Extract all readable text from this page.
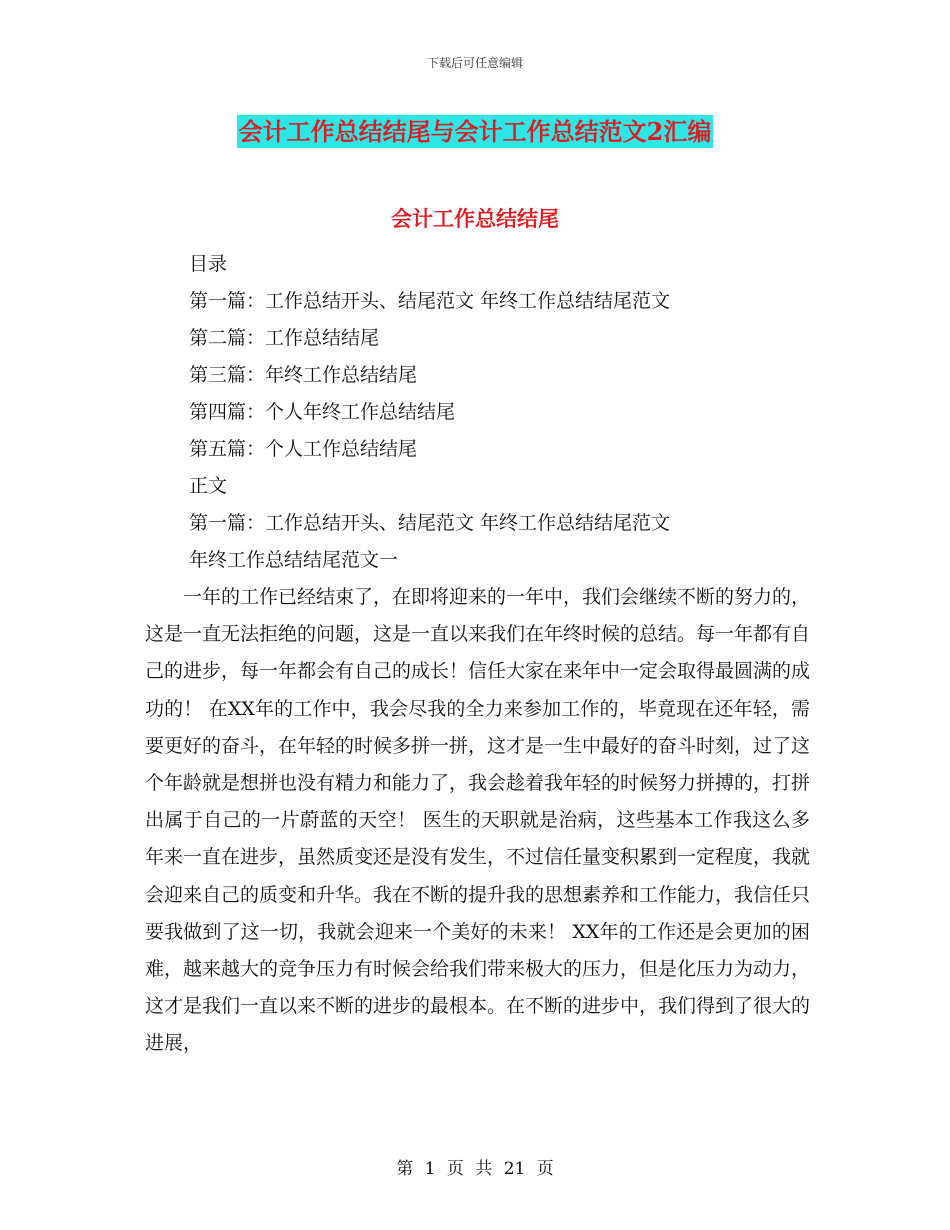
下载后可任意编辑
会计工作总结结尾与会计工作总结范文2汇编
会计工作总结结尾
目录
第一篇：工作总结开头、结尾范文 年终工作总结结尾范文
第二篇：工作总结结尾
第三篇：年终工作总结结尾
第四篇：个人年终工作总结结尾
第五篇：个人工作总结结尾
正文
第一篇：工作总结开头、结尾范文 年终工作总结结尾范文
年终工作总结结尾范文一

一年的工作已经结束了，在即将迎来的一年中，我们会继续不断的努力的，这是一直无法拒绝的问题，这是一直以来我们在年终时候的总结。每一年都有自己的进步，每一年都会有自己的成长！信任大家在来年中一定会取得最圆满的成功的！ 在XX年的工作中，我会尽我的全力来参加工作的，毕竟现在还年轻，需要更好的奋斗，在年轻的时候多拼一拼，这才是一生中最好的奋斗时刻，过了这个年龄就是想拼也没有精力和能力了，我会趁着我年轻的时候努力拼搏的，打拼出属于自己的一片蔚蓝的天空！ 医生的天职就是治病，这些基本工作我这么多年来一直在进步，虽然质变还是没有发生，不过信任量变积累到一定程度，我就会迎来自己的质变和升华。我在不断的提升我的思想素养和工作能力，我信任只要我做到了这一切，我就会迎来一个美好的未来！ XX年的工作还是会更加的困难，越来越大的竞争压力有时候会给我们带来极大的压力，但是化压力为动力，这才是我们一直以来不断的进步的最根本。在不断的进步中，我们得到了很大的进展，

第 1 页 共 21 页
